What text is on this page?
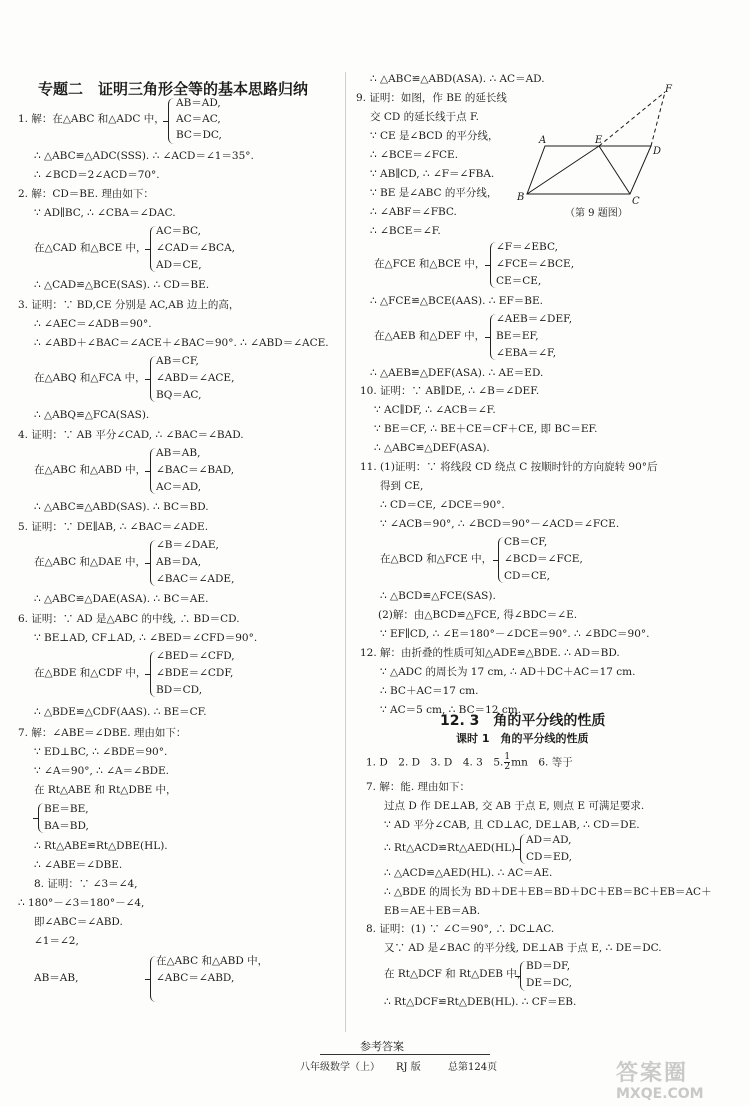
专题二　证明三角形全等的基本思路归纳
1. 解：在△ABC 和△ADC 中，
AB＝AD,
AC＝AC,
BC＝DC,
∴ △ABC≌△ADC(SSS). ∴ ∠ACD＝∠1＝35°.
∴ ∠BCD＝2∠ACD＝70°.
2. 解：CD＝BE. 理由如下：
∵ AD∥BC, ∴ ∠CBA＝∠DAC.
AC＝BC,
在△CAD 和△BCE 中， ∠CAD＝∠BCA,
AD＝CE,
∴ △CAD≌△BCE(SAS). ∴ CD＝BE.
3. 证明：∵ BD,CE 分别是 AC,AB 边上的高，
∴ ∠AEC＝∠ADB＝90°.
∴ ∠ABD＋∠BAC＝∠ACE＋∠BAC＝90°. ∴ ∠ABD＝∠ACE.
AB＝CF,
在△ABQ 和△FCA 中， ∠ABD＝∠ACE,
BQ＝AC,
∴ △ABQ≌△FCA(SAS).
4. 证明：∵ AB 平分∠CAD, ∴ ∠BAC＝∠BAD.
AB＝AB,
在△ABC 和△ABD 中， ∠BAC＝∠BAD,
AC＝AD,
∴ △ABC≌△ABD(SAS). ∴ BC＝BD.
5. 证明：∵ DE∥AB, ∴ ∠BAC＝∠ADE.
∠B＝∠DAE,
在△ABC 和△DAE 中， AB＝DA,
∠BAC＝∠ADE,
∴ △ABC≌△DAE(ASA). ∴ BC＝AE.
6. 证明：∵ AD 是△ABC 的中线, ∴ BD＝CD.
∵ BE⊥AD, CF⊥AD, ∴ ∠BED＝∠CFD＝90°.
∠BED＝∠CFD,
在△BDE 和△CDF 中， ∠BDE＝∠CDF,
BD＝CD,
∴ △BDE≌△CDF(AAS). ∴ BE＝CF.
7. 解：∠ABE＝∠DBE. 理由如下：
∵ ED⊥BC, ∴ ∠BDE＝90°.
∵ ∠A＝90°, ∴ ∠A＝∠BDE.
在 Rt△ABE 和 Rt△DBE 中，
BE＝BE,
BA＝BD,
∴ Rt△ABE≌Rt△DBE(HL).
∴ ∠ABE＝∠DBE.
8. 证明：∵ ∠3＝∠4,
∴ 180°－∠3＝180°－∠4,
即∠ABC＝∠ABD.
∠1＝∠2,
在△ABC 和△ABD 中，
AB＝AB,	∠ABC＝∠ABD,
∴ △ABC≌△ABD(ASA). ∴ AC＝AD.
9. 证明：如图，作 BE 的延长线
交 CD 的延长线于点 F.
∵ CE 是∠BCD 的平分线，
∴ ∠BCE＝∠FCE.
∵ AB∥CD, ∴ ∠F＝∠FBA.
∵ BE 是∠ABC 的平分线，
∴ ∠ABF＝∠FBC.
∴ ∠BCE＝∠F.
A	E
D
B	C
F
（第 9 题图）
∠F＝∠EBC,
在△FCE 和△BCE 中， ∠FCE＝∠BCE,
CE＝CE,
∴ △FCE≌△BCE(AAS). ∴ EF＝BE.
∠AEB＝∠DEF,
在△AEB 和△DEF 中， BE＝EF,
∠EBA＝∠F,
∴ △AEB≌△DEF(ASA). ∴ AE＝ED.
10. 证明：∵ AB∥DE, ∴ ∠B＝∠DEF.
∵ AC∥DF, ∴ ∠ACB＝∠F.
∵ BE＝CF, ∴ BE＋CE＝CF＋CE, 即 BC＝EF.
∴ △ABC≌△DEF(ASA).
11. (1)证明：∵ 将线段 CD 绕点 C 按顺时针的方向旋转 90°后
得到 CE,
∴ CD＝CE, ∠DCE＝90°.
∵ ∠ACB＝90°, ∴ ∠BCD＝90°－∠ACD＝∠FCE.
CB＝CF,
在△BCD 和△FCE 中， ∠BCD＝∠FCE,
CD＝CE,
∴ △BCD≌△FCE(SAS).
(2)解：由△BCD≌△FCE, 得∠BDC＝∠E.
∵ EF∥CD, ∴ ∠E＝180°－∠DCE＝90°. ∴ ∠BDC＝90°.
12. 解：由折叠的性质可知△ADE≌△BDE. ∴ AD＝BD.
∵ △ADC 的周长为 17 cm, ∴ AD＋DC＋AC＝17 cm.
∴ BC＋AC＝17 cm.
∵ AC＝5 cm, ∴ BC＝12 cm.
12. 3　角的平分线的性质
课时 1　角的平分线的性质
1. D　2. D　3. D　4. 3　5. $\frac{1}{2}$ mn　6. 等于
7. 解：能. 理由如下：
过点 D 作 DE⊥AB, 交 AB 于点 E, 则点 E 可满足要求.
∵ AD 平分∠CAB, 且 CD⊥AC, DE⊥AB, ∴ CD＝DE.
AD＝AD,
∴ Rt△ACD≌Rt△AED(HL)
CD＝ED,
∴ △ACD≌△AED(HL). ∴ AC＝AE.
∴ △BDE 的周长为 BD＋DE＋EB＝BD＋DC＋EB＝BC＋EB＝AC＋
EB＝AE＋EB＝AB.
8. 证明：(1) ∵ ∠C＝90°, ∴ DC⊥AC.
又∵ AD 是∠BAC 的平分线, DE⊥AB 于点 E, ∴ DE＝DC.
BD＝DF,
在 Rt△DCF 和 Rt△DEB 中，
DE＝DC,
∴ Rt△DCF≌Rt△DEB(HL). ∴ CF＝EB.
参考答案
八年级数学（上） RJ 版	总第124页	答案圈
MXQE.COM
